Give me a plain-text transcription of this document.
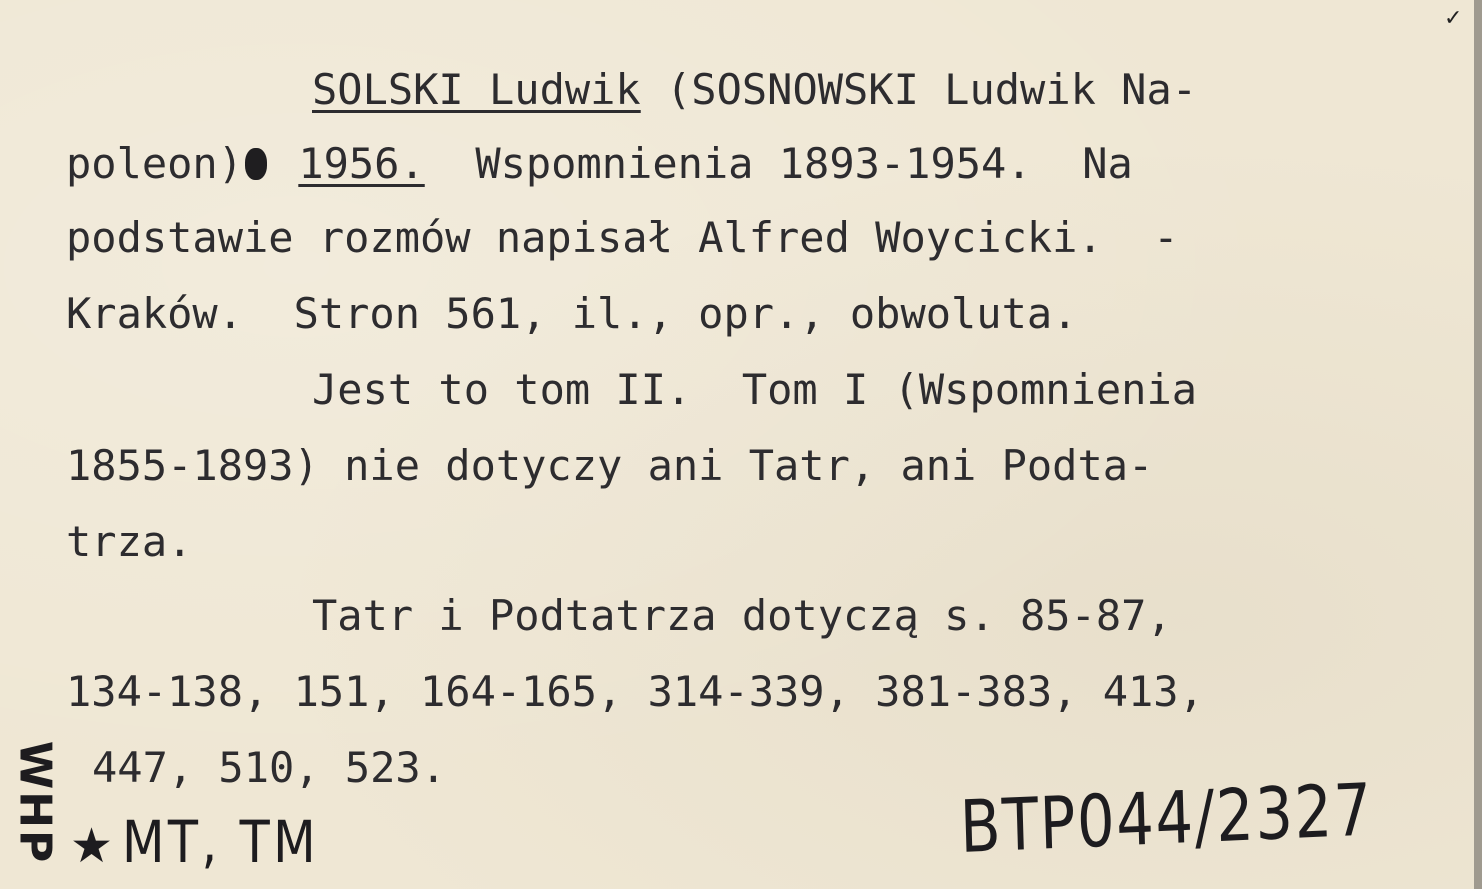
✓
SOLSKI Ludwik (SOSNOWSKI Ludwik Na-
poleon) 1956.  Wspomnienia 1893-1954.  Na
podstawie rozmów napisał Alfred Woycicki.  -
Kraków.  Stron 561, il., opr., obwoluta.
Jest to tom II.  Tom I (Wspomnienia
1855-1893) nie dotyczy ani Tatr, ani Podta-
trza.
Tatr i Podtatrza dotyczą s. 85-87,
134-138, 151, 164-165, 314-339, 381-383, 413,
447, 510, 523.
WHP ★ MT, TM	BTP044/2327
